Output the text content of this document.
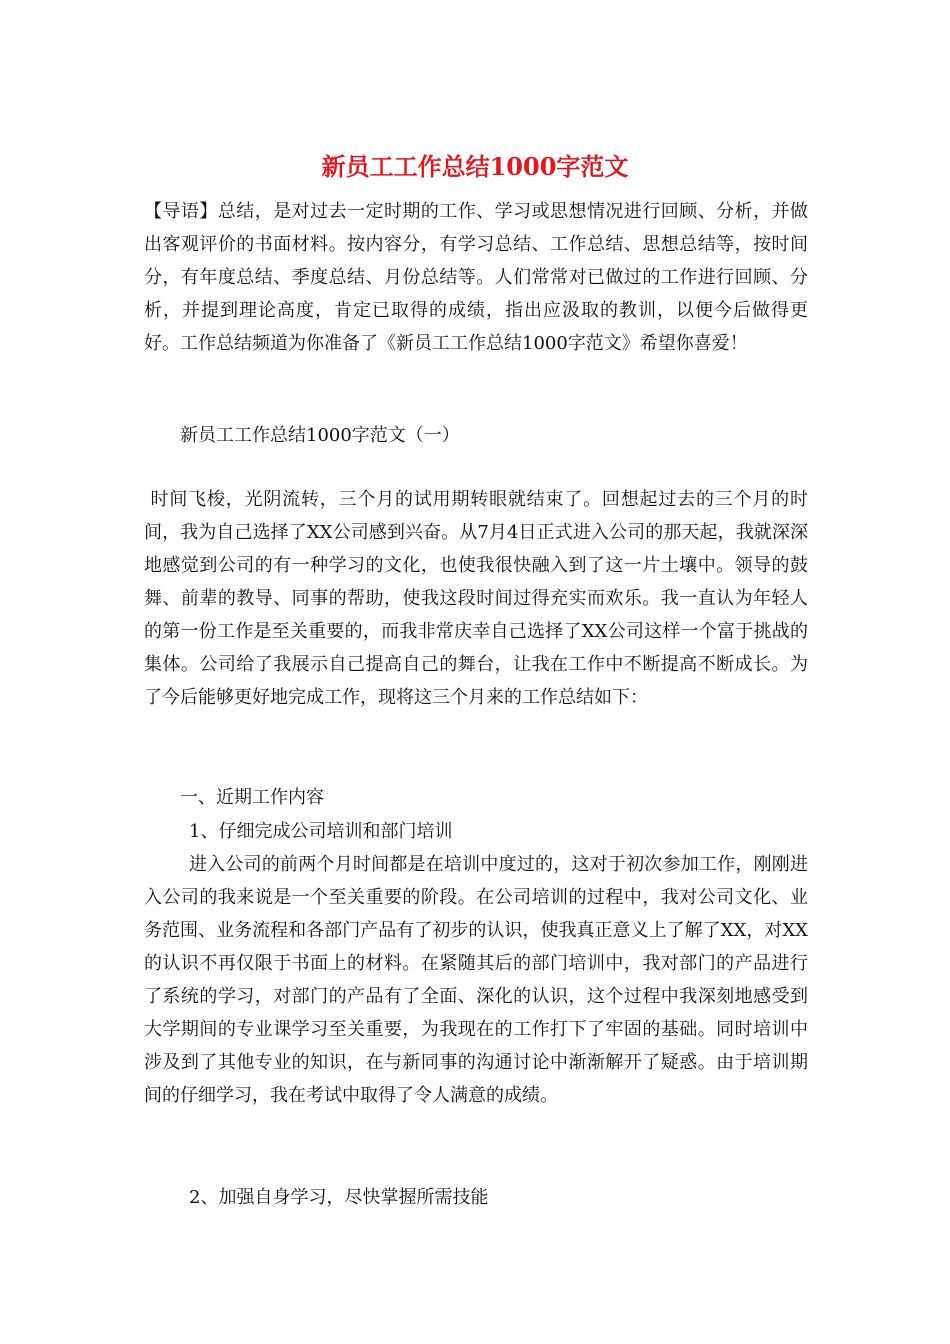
新员工工作总结1000字范文

【导语】总结，是对过去一定时期的工作、学习或思想情况进行回顾、分析，并做出客观评价的书面材料。按内容分，有学习总结、工作总结、思想总结等，按时间分，有年度总结、季度总结、月份总结等。人们常常对已做过的工作进行回顾、分析，并提到理论高度，肯定已取得的成绩，指出应汲取的教训，以便今后做得更好。工作总结频道为你准备了《新员工工作总结1000字范文》希望你喜爱！

新员工工作总结1000字范文（一）

时间飞梭，光阴流转，三个月的试用期转眼就结束了。回想起过去的三个月的时间，我为自己选择了XX公司感到兴奋。从7月4日正式进入公司的那天起，我就深深地感觉到公司的有一种学习的文化，也使我很快融入到了这一片土壤中。领导的鼓舞、前辈的教导、同事的帮助，使我这段时间过得充实而欢乐。我一直认为年轻人的第一份工作是至关重要的，而我非常庆幸自己选择了XX公司这样一个富于挑战的集体。公司给了我展示自己提高自己的舞台，让我在工作中不断提高不断成长。为了今后能够更好地完成工作，现将这三个月来的工作总结如下：

一、近期工作内容

1、仔细完成公司培训和部门培训

进入公司的前两个月时间都是在培训中度过的，这对于初次参加工作，刚刚进入公司的我来说是一个至关重要的阶段。在公司培训的过程中，我对公司文化、业务范围、业务流程和各部门产品有了初步的认识，使我真正意义上了解了XX，对XX的认识不再仅限于书面上的材料。在紧随其后的部门培训中，我对部门的产品进行了系统的学习，对部门的产品有了全面、深化的认识，这个过程中我深刻地感受到大学期间的专业课学习至关重要，为我现在的工作打下了牢固的基础。同时培训中涉及到了其他专业的知识，在与新同事的沟通讨论中渐渐解开了疑惑。由于培训期间的仔细学习，我在考试中取得了令人满意的成绩。

2、加强自身学习，尽快掌握所需技能
